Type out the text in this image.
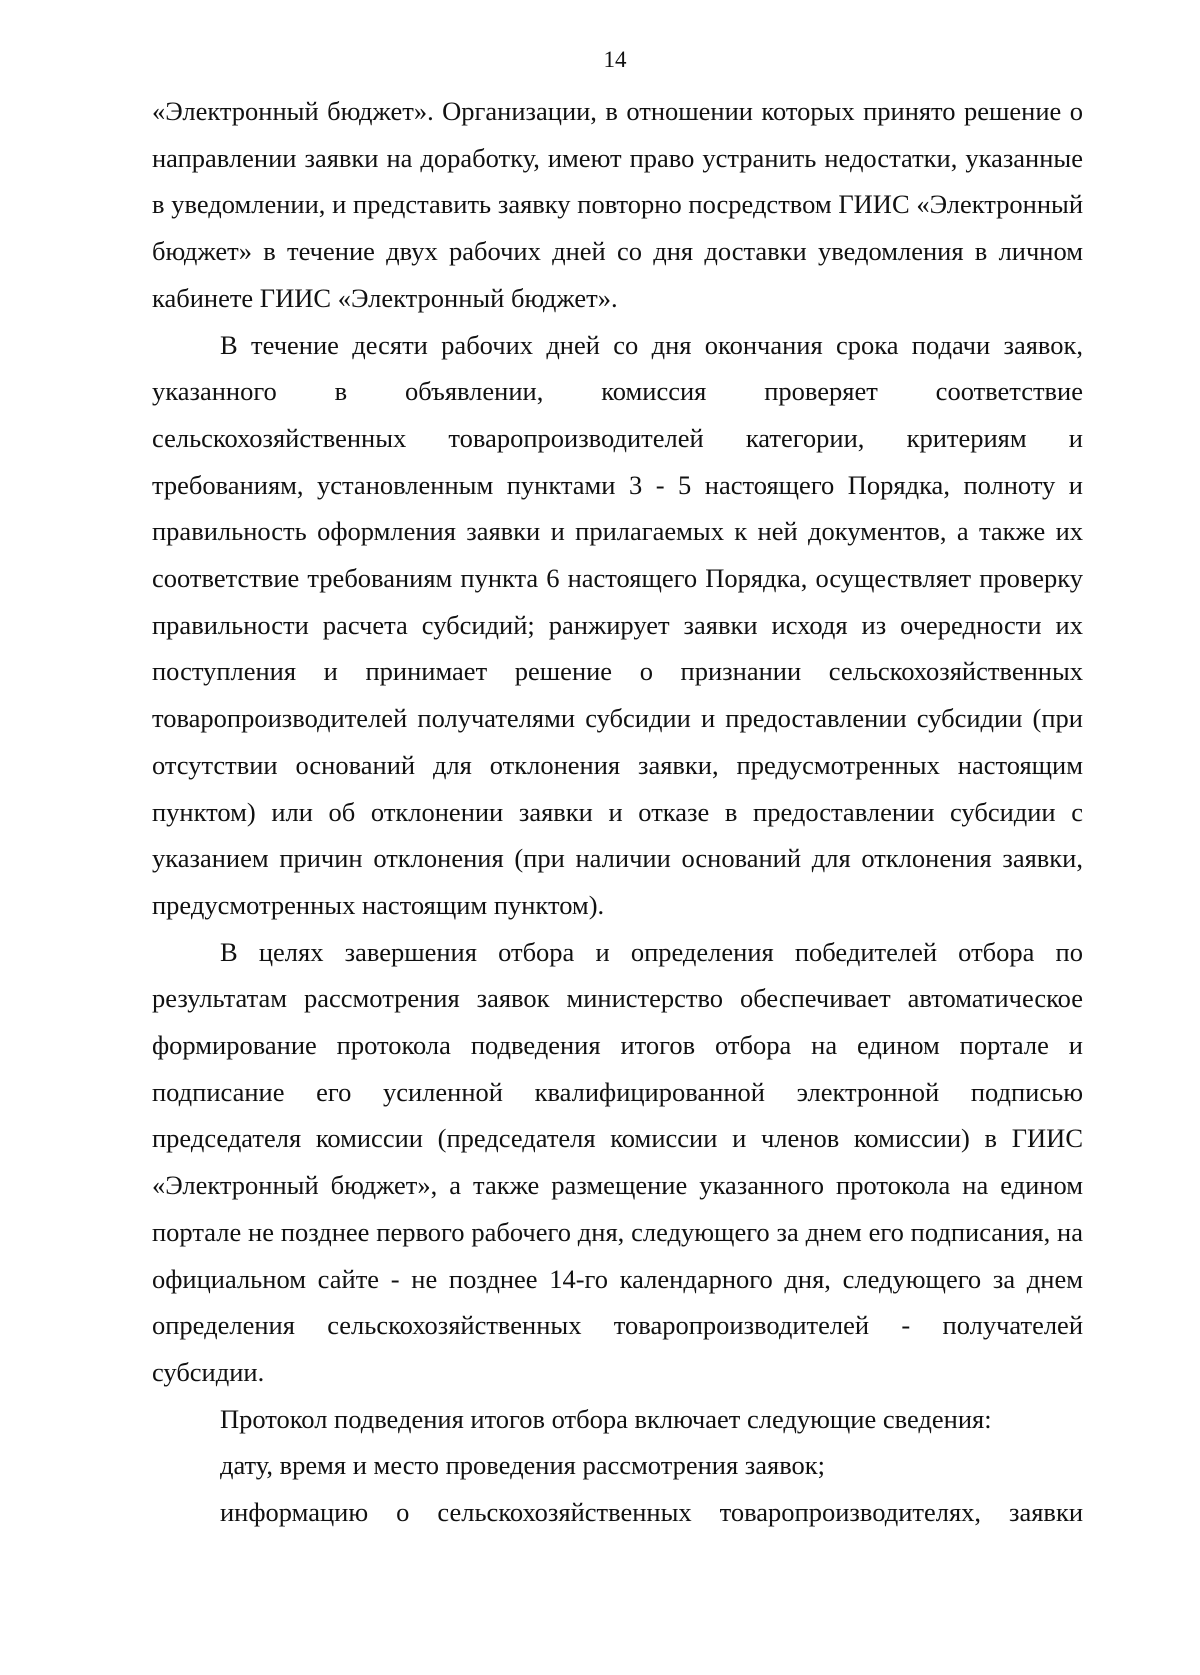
14

«Электронный бюджет». Организации, в отношении которых принято решение о направлении заявки на доработку, имеют право устранить недостатки, указанные в уведомлении, и представить заявку повторно посредством ГИИС «Электронный бюджет» в течение двух рабочих дней со дня доставки уведомления в личном кабинете ГИИС «Электронный бюджет».

В течение десяти рабочих дней со дня окончания срока подачи заявок, указанного в объявлении, комиссия проверяет соответствие сельскохозяйственных товаропроизводителей категории, критериям и требованиям, установленным пунктами 3 - 5 настоящего Порядка, полноту и правильность оформления заявки и прилагаемых к ней документов, а также их соответствие требованиям пункта 6 настоящего Порядка, осуществляет проверку правильности расчета субсидий; ранжирует заявки исходя из очередности их поступления и принимает решение о признании сельскохозяйственных товаропроизводителей получателями субсидии и предоставлении субсидии (при отсутствии оснований для отклонения заявки, предусмотренных настоящим пунктом) или об отклонении заявки и отказе в предоставлении субсидии с указанием причин отклонения (при наличии оснований для отклонения заявки, предусмотренных настоящим пунктом).

В целях завершения отбора и определения победителей отбора по результатам рассмотрения заявок министерство обеспечивает автоматическое формирование протокола подведения итогов отбора на едином портале и подписание его усиленной квалифицированной электронной подписью председателя комиссии (председателя комиссии и членов комиссии) в ГИИС «Электронный бюджет», а также размещение указанного протокола на едином портале не позднее первого рабочего дня, следующего за днем его подписания, на официальном сайте - не позднее 14-го календарного дня, следующего за днем определения сельскохозяйственных товаропроизводителей - получателей субсидии.

Протокол подведения итогов отбора включает следующие сведения:

дату, время и место проведения рассмотрения заявок;

информацию о сельскохозяйственных товаропроизводителях, заявки
